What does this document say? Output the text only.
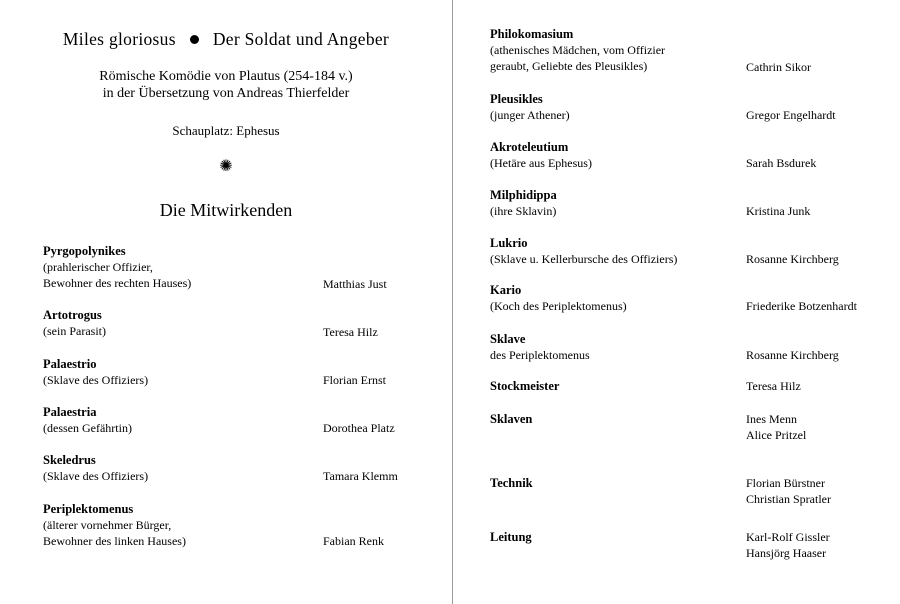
Miles gloriosus Der Soldat und Angeber
Römische Komödie von Plautus (254-184 v.)
in der Übersetzung von Andreas Thierfelder
Schauplatz: Ephesus
✺
Die Mitwirkenden
Pyrgopolynikes
(prahlerischer Offizier,
Bewohner des rechten Hauses)	Matthias Just
Artotrogus
(sein Parasit)	Teresa Hilz
Palaestrio
(Sklave des Offiziers)	Florian Ernst
Palaestria
(dessen Gefährtin)	Dorothea Platz
Skeledrus
(Sklave des Offiziers)	Tamara Klemm
Periplektomenus
(älterer vornehmer Bürger,
Bewohner des linken Hauses)	Fabian Renk
Philokomasium
(athenisches Mädchen, vom Offizier
geraubt, Geliebte des Pleusikles)	Cathrin Sikor
Pleusikles
(junger Athener)	Gregor Engelhardt
Akroteleutium
(Hetäre aus Ephesus)	Sarah Bsdurek
Milphidippa
(ihre Sklavin)	Kristina Junk
Lukrio
(Sklave u. Kellerbursche des Offiziers)	Rosanne Kirchberg
Kario
(Koch des Periplektomenus)	Friederike Botzenhardt
Sklave
des Periplektomenus	Rosanne Kirchberg
Stockmeister	Teresa Hilz
Sklaven	Ines Menn
Alice Pritzel
Technik	Florian Bürstner
Christian Spratler
Leitung	Karl-Rolf Gissler
Hansjörg Haaser
